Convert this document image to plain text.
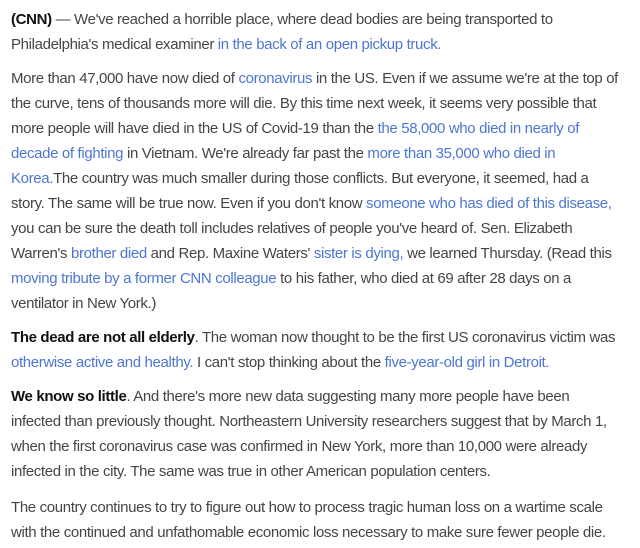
(CNN) — We've reached a horrible place, where dead bodies are being transported to Philadelphia's medical examiner in the back of an open pickup truck.

More than 47,000 have now died of coronavirus in the US. Even if we assume we're at the top of the curve, tens of thousands more will die. By this time next week, it seems very possible that more people will have died in the US of Covid-19 than the the 58,000 who died in nearly of decade of fighting in Vietnam. We're already far past the more than 35,000 who died in Korea.The country was much smaller during those conflicts. But everyone, it seemed, had a story. The same will be true now. Even if you don't know someone who has died of this disease, you can be sure the death toll includes relatives of people you've heard of. Sen. Elizabeth Warren's brother died and Rep. Maxine Waters' sister is dying, we learned Thursday. (Read this moving tribute by a former CNN colleague to his father, who died at 69 after 28 days on a ventilator in New York.)

The dead are not all elderly. The woman now thought to be the first US coronavirus victim was otherwise active and healthy. I can't stop thinking about the five-year-old girl in Detroit.

We know so little. And there's more new data suggesting many more people have been infected than previously thought. Northeastern University researchers suggest that by March 1, when the first coronavirus case was confirmed in New York, more than 10,000 were already infected in the city. The same was true in other American population centers.

The country continues to try to figure out how to process tragic human loss on a wartime scale with the continued and unfathomable economic loss necessary to make sure fewer people die.
